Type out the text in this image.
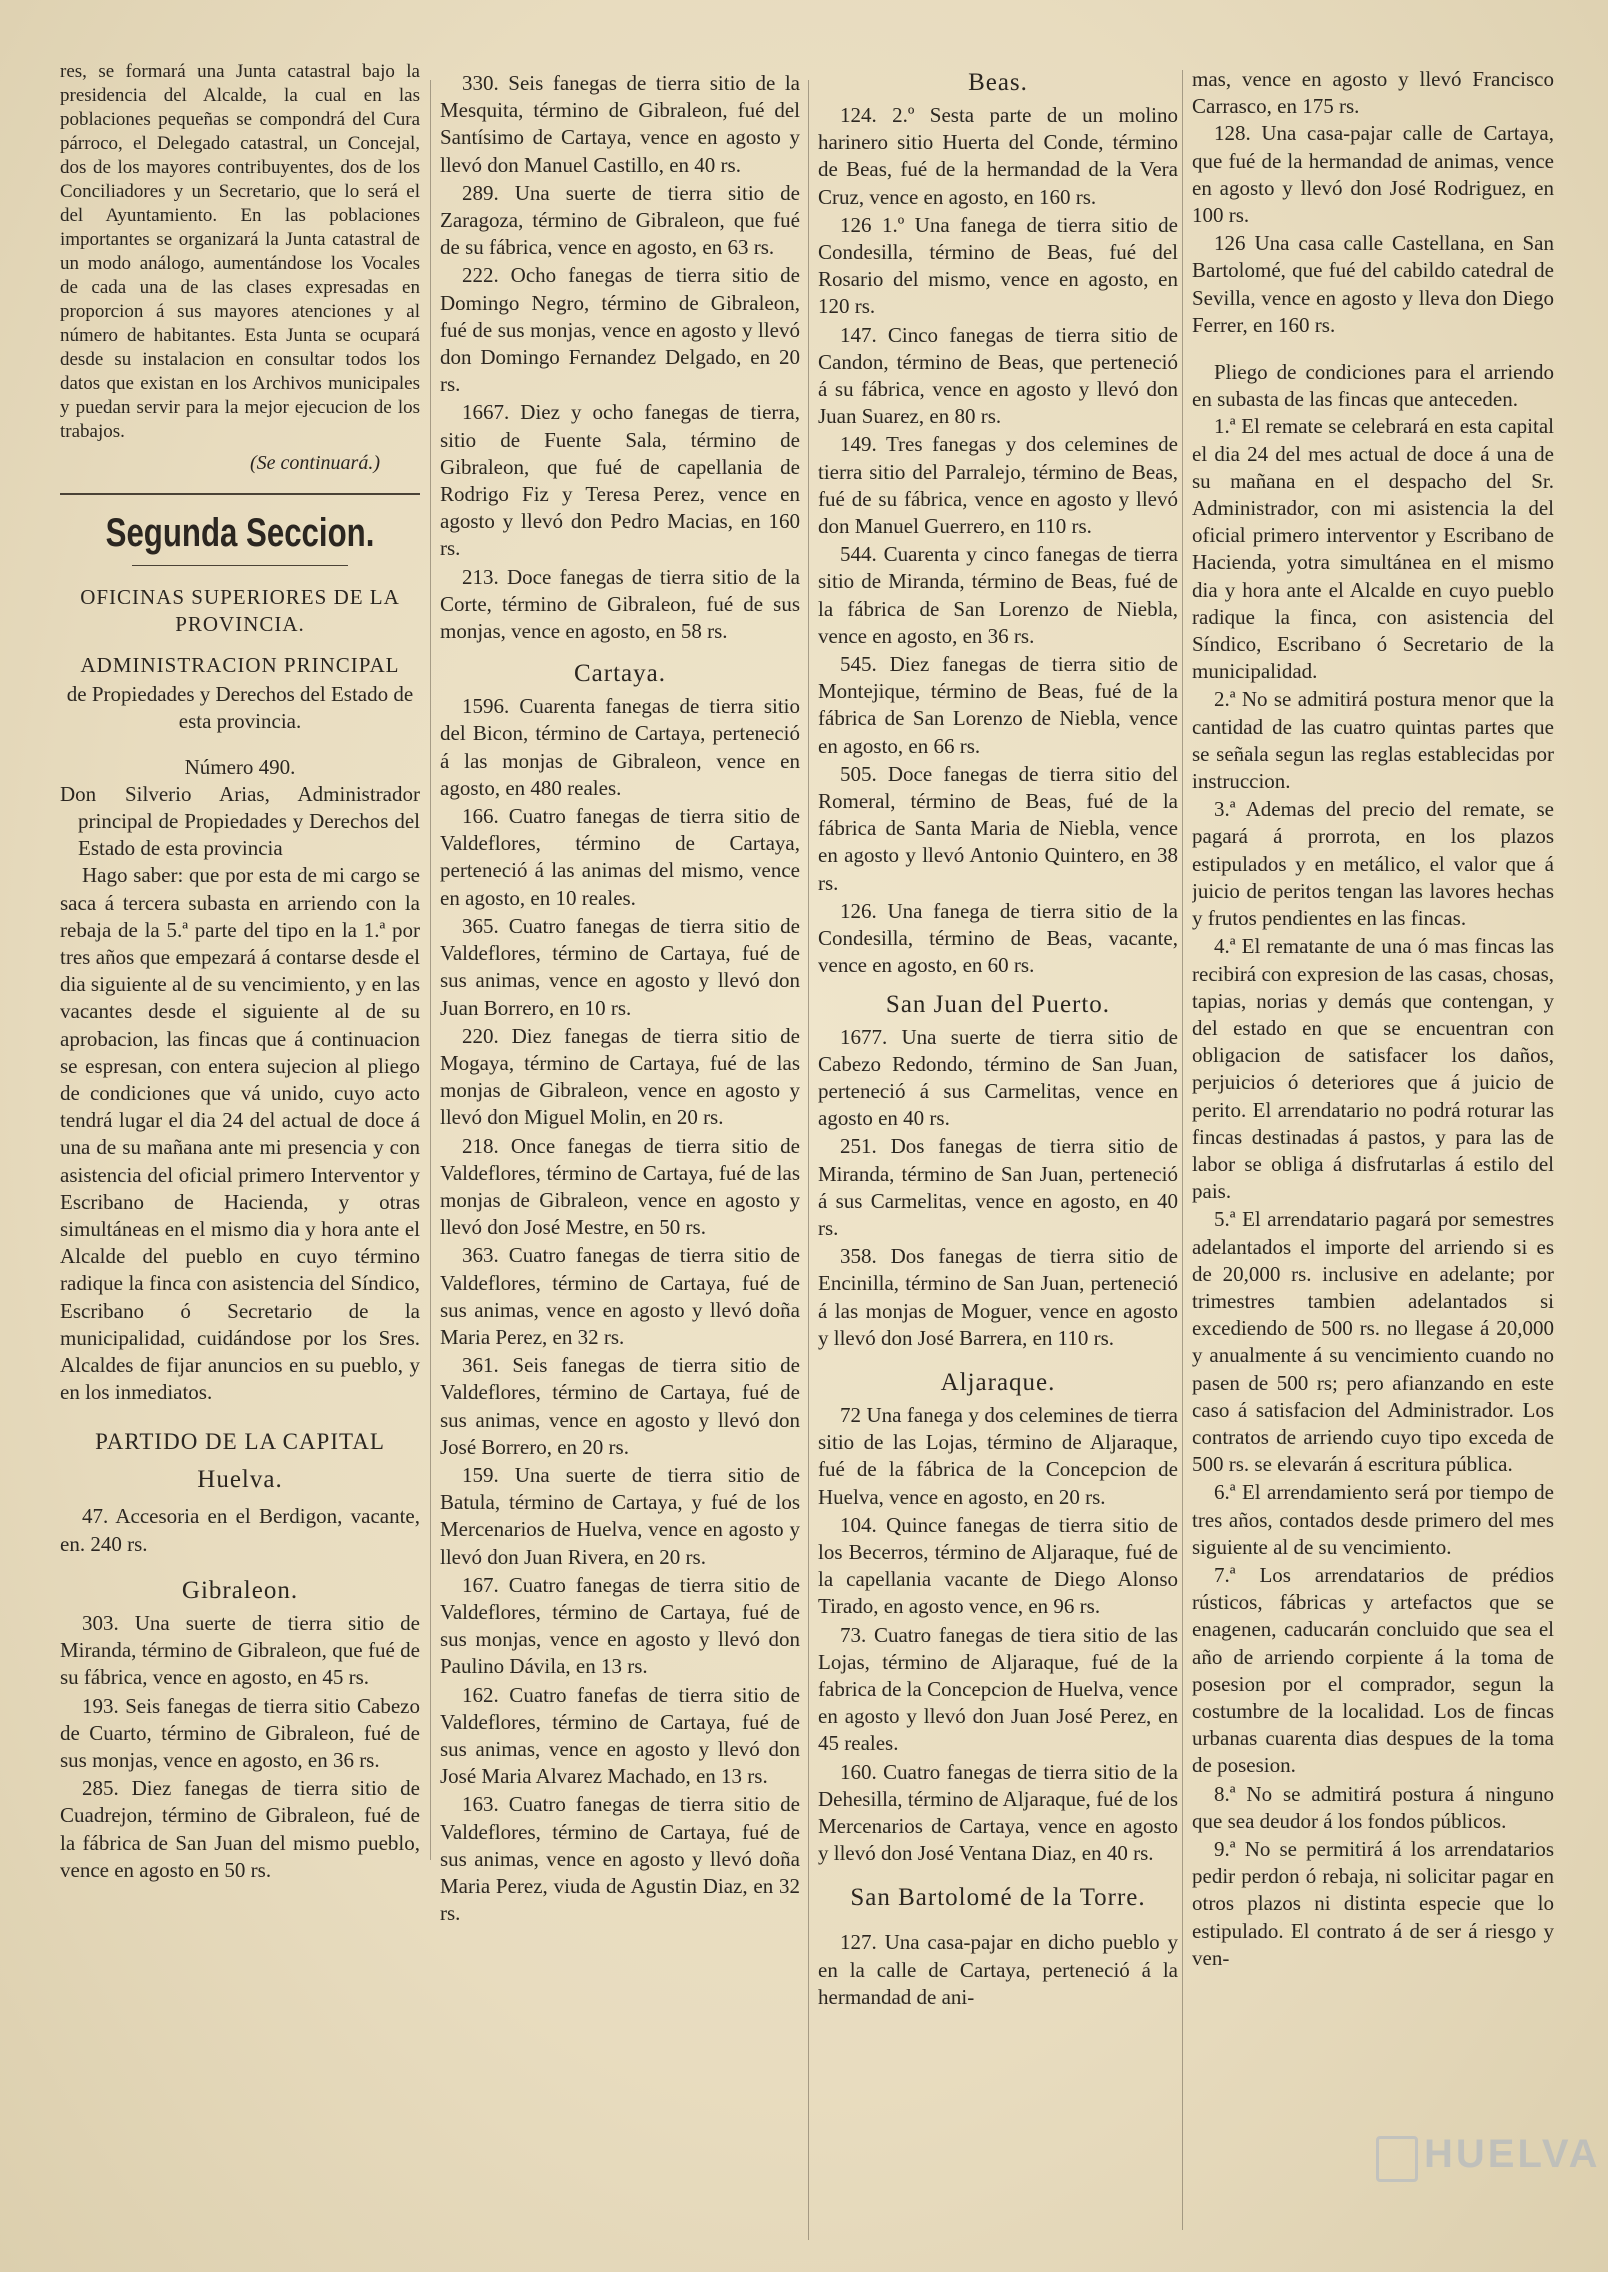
res, se formará una Junta catastral bajo la presidencia del Alcalde, la cual en las poblaciones pequeñas se compondrá del Cura párroco, el Delegado catastral, un Concejal, dos de los mayores contribuyentes, dos de los Conciliadores y un Secretario, que lo será el del Ayuntamiento. En las poblaciones importantes se organizará la Junta catastral de un modo análogo, aumentándose los Vocales de cada una de las clases expresadas en proporcion á sus mayores atenciones y al número de habitantes. Esta Junta se ocupará desde su instalacion en consultar todos los datos que existan en los Archivos municipales y puedan servir para la mejor ejecucion de los trabajos.

(Se continuará.)

Segunda Seccion.

OFICINAS SUPERIORES DE LA PROVINCIA.

ADMINISTRACION PRINCIPAL

de Propiedades y Derechos del Estado de esta provincia.

Número 490.

Don Silverio Arias, Administrador principal de Propiedades y Derechos del Estado de esta provincia

Hago saber: que por esta de mi cargo se saca á tercera subasta en arriendo con la rebaja de la 5.ª parte del tipo en la 1.ª por tres años que empezará á contarse desde el dia siguiente al de su vencimiento, y en las vacantes desde el siguiente al de su aprobacion, las fincas que á continuacion se espresan, con entera sujecion al pliego de condiciones que vá unido, cuyo acto tendrá lugar el dia 24 del actual de doce á una de su mañana ante mi presencia y con asistencia del oficial primero Interventor y Escribano de Hacienda, y otras simultáneas en el mismo dia y hora ante el Alcalde del pueblo en cuyo término radique la finca con asistencia del Síndico, Escribano ó Secretario de la municipalidad, cuidándose por los Sres. Alcaldes de fijar anuncios en su pueblo, y en los inmediatos.

PARTIDO DE LA CAPITAL

Huelva.

47. Accesoria en el Berdigon, vacante, en. 240 rs.

Gibraleon.

303. Una suerte de tierra sitio de Miranda, término de Gibraleon, que fué de su fábrica, vence en agosto, en 45 rs.

193. Seis fanegas de tierra sitio Cabezo de Cuarto, término de Gibraleon, fué de sus monjas, vence en agosto, en 36 rs.

285. Diez fanegas de tierra sitio de Cuadrejon, término de Gibraleon, fué de la fábrica de San Juan del mismo pueblo, vence en agosto en 50 rs.

330. Seis fanegas de tierra sitio de la Mesquita, término de Gibraleon, fué del Santísimo de Cartaya, vence en agosto y llevó don Manuel Castillo, en 40 rs.

289. Una suerte de tierra sitio de Zaragoza, término de Gibraleon, que fué de su fábrica, vence en agosto, en 63 rs.

222. Ocho fanegas de tierra sitio de Domingo Negro, término de Gibraleon, fué de sus monjas, vence en agosto y llevó don Domingo Fernandez Delgado, en 20 rs.

1667. Diez y ocho fanegas de tierra, sitio de Fuente Sala, término de Gibraleon, que fué de capellania de Rodrigo Fiz y Teresa Perez, vence en agosto y llevó don Pedro Macias, en 160 rs.

213. Doce fanegas de tierra sitio de la Corte, término de Gibraleon, fué de sus monjas, vence en agosto, en 58 rs.

Cartaya.

1596. Cuarenta fanegas de tierra sitio del Bicon, término de Cartaya, perteneció á las monjas de Gibraleon, vence en agosto, en 480 reales.

166. Cuatro fanegas de tierra sitio de Valdeflores, término de Cartaya, perteneció á las animas del mismo, vence en agosto, en 10 reales.

365. Cuatro fanegas de tierra sitio de Valdeflores, término de Cartaya, fué de sus animas, vence en agosto y llevó don Juan Borrero, en 10 rs.

220. Diez fanegas de tierra sitio de Mogaya, término de Cartaya, fué de las monjas de Gibraleon, vence en agosto y llevó don Miguel Molin, en 20 rs.

218. Once fanegas de tierra sitio de Valdeflores, término de Cartaya, fué de las monjas de Gibraleon, vence en agosto y llevó don José Mestre, en 50 rs.

363. Cuatro fanegas de tierra sitio de Valdeflores, término de Cartaya, fué de sus animas, vence en agosto y llevó doña Maria Perez, en 32 rs.

361. Seis fanegas de tierra sitio de Valdeflores, término de Cartaya, fué de sus animas, vence en agosto y llevó don José Borrero, en 20 rs.

159. Una suerte de tierra sitio de Batula, término de Cartaya, y fué de los Mercenarios de Huelva, vence en agosto y llevó don Juan Rivera, en 20 rs.

167. Cuatro fanegas de tierra sitio de Valdeflores, término de Cartaya, fué de sus monjas, vence en agosto y llevó don Paulino Dávila, en 13 rs.

162. Cuatro fanefas de tierra sitio de Valdeflores, término de Cartaya, fué de sus animas, vence en agosto y llevó don José Maria Alvarez Machado, en 13 rs.

163. Cuatro fanegas de tierra sitio de Valdeflores, término de Cartaya, fué de sus animas, vence en agosto y llevó doña Maria Perez, viuda de Agustin Diaz, en 32 rs.

Beas.

124. 2.º Sesta parte de un molino harinero sitio Huerta del Conde, término de Beas, fué de la hermandad de la Vera Cruz, vence en agosto, en 160 rs.

126 1.º Una fanega de tierra sitio de Condesilla, término de Beas, fué del Rosario del mismo, vence en agosto, en 120 rs.

147. Cinco fanegas de tierra sitio de Candon, término de Beas, que perteneció á su fábrica, vence en agosto y llevó don Juan Suarez, en 80 rs.

149. Tres fanegas y dos celemines de tierra sitio del Parralejo, término de Beas, fué de su fábrica, vence en agosto y llevó don Manuel Guerrero, en 110 rs.

544. Cuarenta y cinco fanegas de tierra sitio de Miranda, término de Beas, fué de la fábrica de San Lorenzo de Niebla, vence en agosto, en 36 rs.

545. Diez fanegas de tierra sitio de Montejique, término de Beas, fué de la fábrica de San Lorenzo de Niebla, vence en agosto, en 66 rs.

505. Doce fanegas de tierra sitio del Romeral, término de Beas, fué de la fábrica de Santa Maria de Niebla, vence en agosto y llevó Antonio Quintero, en 38 rs.

126. Una fanega de tierra sitio de la Condesilla, término de Beas, vacante, vence en agosto, en 60 rs.

San Juan del Puerto.

1677. Una suerte de tierra sitio de Cabezo Redondo, término de San Juan, perteneció á sus Carmelitas, vence en agosto en 40 rs.

251. Dos fanegas de tierra sitio de Miranda, término de San Juan, perteneció á sus Carmelitas, vence en agosto, en 40 rs.

358. Dos fanegas de tierra sitio de Encinilla, término de San Juan, perteneció á las monjas de Moguer, vence en agosto y llevó don José Barrera, en 110 rs.

Aljaraque.

72 Una fanega y dos celemines de tierra sitio de las Lojas, término de Aljaraque, fué de la fábrica de la Concepcion de Huelva, vence en agosto, en 20 rs.

104. Quince fanegas de tierra sitio de los Becerros, término de Aljaraque, fué de la capellania vacante de Diego Alonso Tirado, en agosto vence, en 96 rs.

73. Cuatro fanegas de tiera sitio de las Lojas, término de Aljaraque, fué de la fabrica de la Concepcion de Huelva, vence en agosto y llevó don Juan José Perez, en 45 reales.

160. Cuatro fanegas de tierra sitio de la Dehesilla, término de Aljaraque, fué de los Mercenarios de Cartaya, vence en agosto y llevó don José Ventana Diaz, en 40 rs.

San Bartolomé de la Torre.

127. Una casa-pajar en dicho pueblo y en la calle de Cartaya, perteneció á la hermandad de ani-

mas, vence en agosto y llevó Francisco Carrasco, en 175 rs.

128. Una casa-pajar calle de Cartaya, que fué de la hermandad de animas, vence en agosto y llevó don José Rodriguez, en 100 rs.

126 Una casa calle Castellana, en San Bartolomé, que fué del cabildo catedral de Sevilla, vence en agosto y lleva don Diego Ferrer, en 160 rs.

Pliego de condiciones para el arriendo en subasta de las fincas que anteceden.

1.ª El remate se celebrará en esta capital el dia 24 del mes actual de doce á una de su mañana en el despacho del Sr. Administrador, con mi asistencia la del oficial primero interventor y Escribano de Hacienda, yotra simultánea en el mismo dia y hora ante el Alcalde en cuyo pueblo radique la finca, con asistencia del Síndico, Escribano ó Secretario de la municipalidad.

2.ª No se admitirá postura menor que la cantidad de las cuatro quintas partes que se señala segun las reglas establecidas por instruccion.

3.ª Ademas del precio del remate, se pagará á prorrota, en los plazos estipulados y en metálico, el valor que á juicio de peritos tengan las lavores hechas y frutos pendientes en las fincas.

4.ª El rematante de una ó mas fincas las recibirá con expresion de las casas, chosas, tapias, norias y demás que contengan, y del estado en que se encuentran con obligacion de satisfacer los daños, perjuicios ó deteriores que á juicio de perito. El arrendatario no podrá roturar las fincas destinadas á pastos, y para las de labor se obliga á disfrutarlas á estilo del pais.

5.ª El arrendatario pagará por semestres adelantados el importe del arriendo si es de 20,000 rs. inclusive en adelante; por trimestres tambien adelantados si excediendo de 500 rs. no llegase á 20,000 y anualmente á su vencimiento cuando no pasen de 500 rs; pero afianzando en este caso á satisfacion del Administrador. Los contratos de arriendo cuyo tipo exceda de 500 rs. se elevarán á escritura pública.

6.ª El arrendamiento será por tiempo de tres años, contados desde primero del mes siguiente al de su vencimiento.

7.ª Los arrendatarios de prédios rústicos, fábricas y artefactos que se enagenen, caducarán concluido que sea el año de arriendo corpiente á la toma de posesion por el comprador, segun la costumbre de la localidad. Los de fincas urbanas cuarenta dias despues de la toma de posesion.

8.ª No se admitirá postura á ninguno que sea deudor á los fondos públicos.

9.ª No se permitirá á los arrendatarios pedir perdon ó rebaja, ni solicitar pagar en otros plazos ni distinta especie que lo estipulado. El contrato á de ser á riesgo y ven-

HUELVA
